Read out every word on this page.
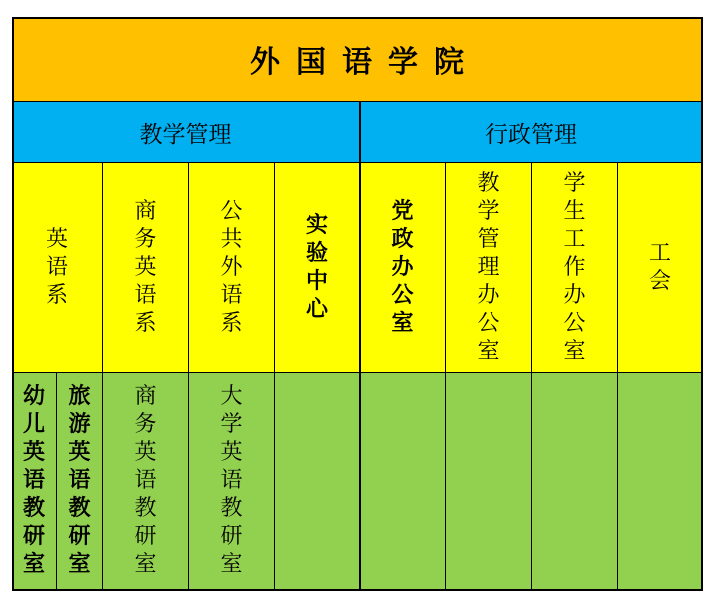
外国语学院
教学管理	行政管理
英语系
商务英语系
公共外语系
实验中心
党政办公室
教学管理办公室
学生工作办公室
工会
幼儿英语教研室
旅游英语教研室
商务英语教研室
大学英语教研室
